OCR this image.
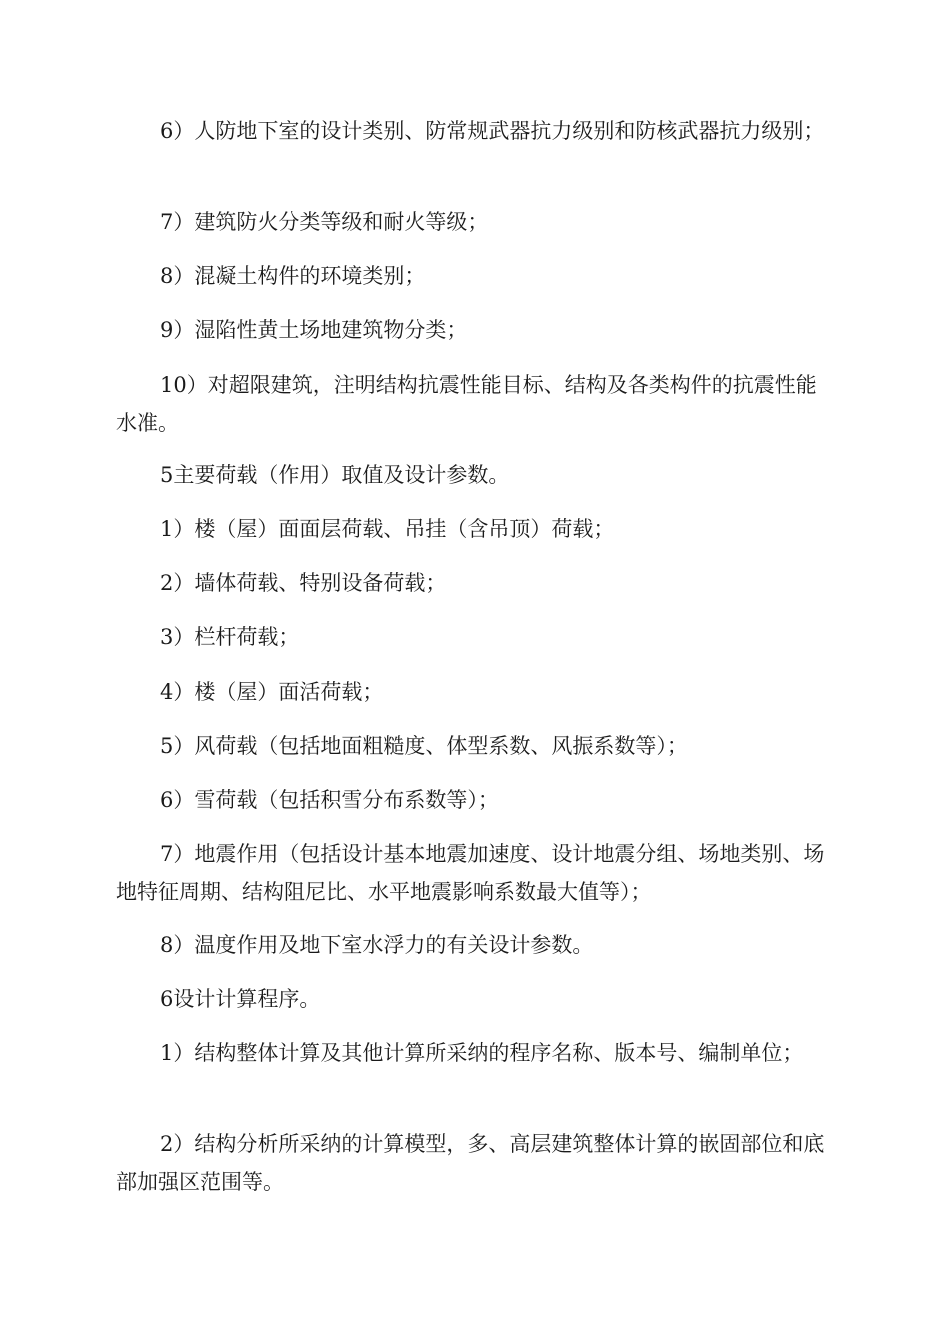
6）人防地下室的设计类别、防常规武器抗力级别和防核武器抗力级别；

7）建筑防火分类等级和耐火等级；

8）混凝土构件的环境类别；

9）湿陷性黄土场地建筑物分类；

10）对超限建筑，注明结构抗震性能目标、结构及各类构件的抗震性能水准。

5主要荷载（作用）取值及设计参数。

1）楼（屋）面面层荷载、吊挂（含吊顶）荷载；

2）墙体荷载、特别设备荷载；

3）栏杆荷载；

4）楼（屋）面活荷载；

5）风荷载（包括地面粗糙度、体型系数、风振系数等）；

6）雪荷载（包括积雪分布系数等）；

7）地震作用（包括设计基本地震加速度、设计地震分组、场地类别、场地特征周期、结构阻尼比、水平地震影响系数最大值等）；

8）温度作用及地下室水浮力的有关设计参数。

6设计计算程序。

1）结构整体计算及其他计算所采纳的程序名称、版本号、编制单位；

2）结构分析所采纳的计算模型，多、高层建筑整体计算的嵌固部位和底部加强区范围等。
